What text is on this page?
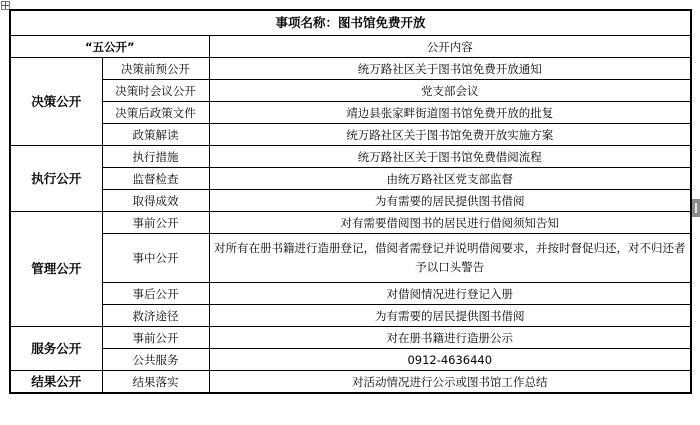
事项名称：图书馆免费开放		
“五公开”		公开内容
决策公开	决策前预公开	统万路社区关于图书馆免费开放通知
	决策时会议公开	党支部会议
	决策后政策文件	靖边县张家畔街道图书馆免费开放的批复
	政策解读	统万路社区关于图书馆免费开放实施方案
执行公开	执行措施	统万路社区关于图书馆免费借阅流程
	监督检查	由统万路社区党支部监督
	取得成效	为有需要的居民提供图书借阅
管理公开	事前公开	对有需要借阅图书的居民进行借阅须知告知
	事中公开	对所有在册书籍进行造册登记，借阅者需登记并说明借阅要求，并按时督促归还，对不归还者予以口头警告
	事后公开	对借阅情况进行登记入册
	救济途径	为有需要的居民提供图书借阅
服务公开	事前公开	对在册书籍进行造册公示
	公共服务	0912-4636440
结果公开	结果落实	对活动情况进行公示或图书馆工作总结
